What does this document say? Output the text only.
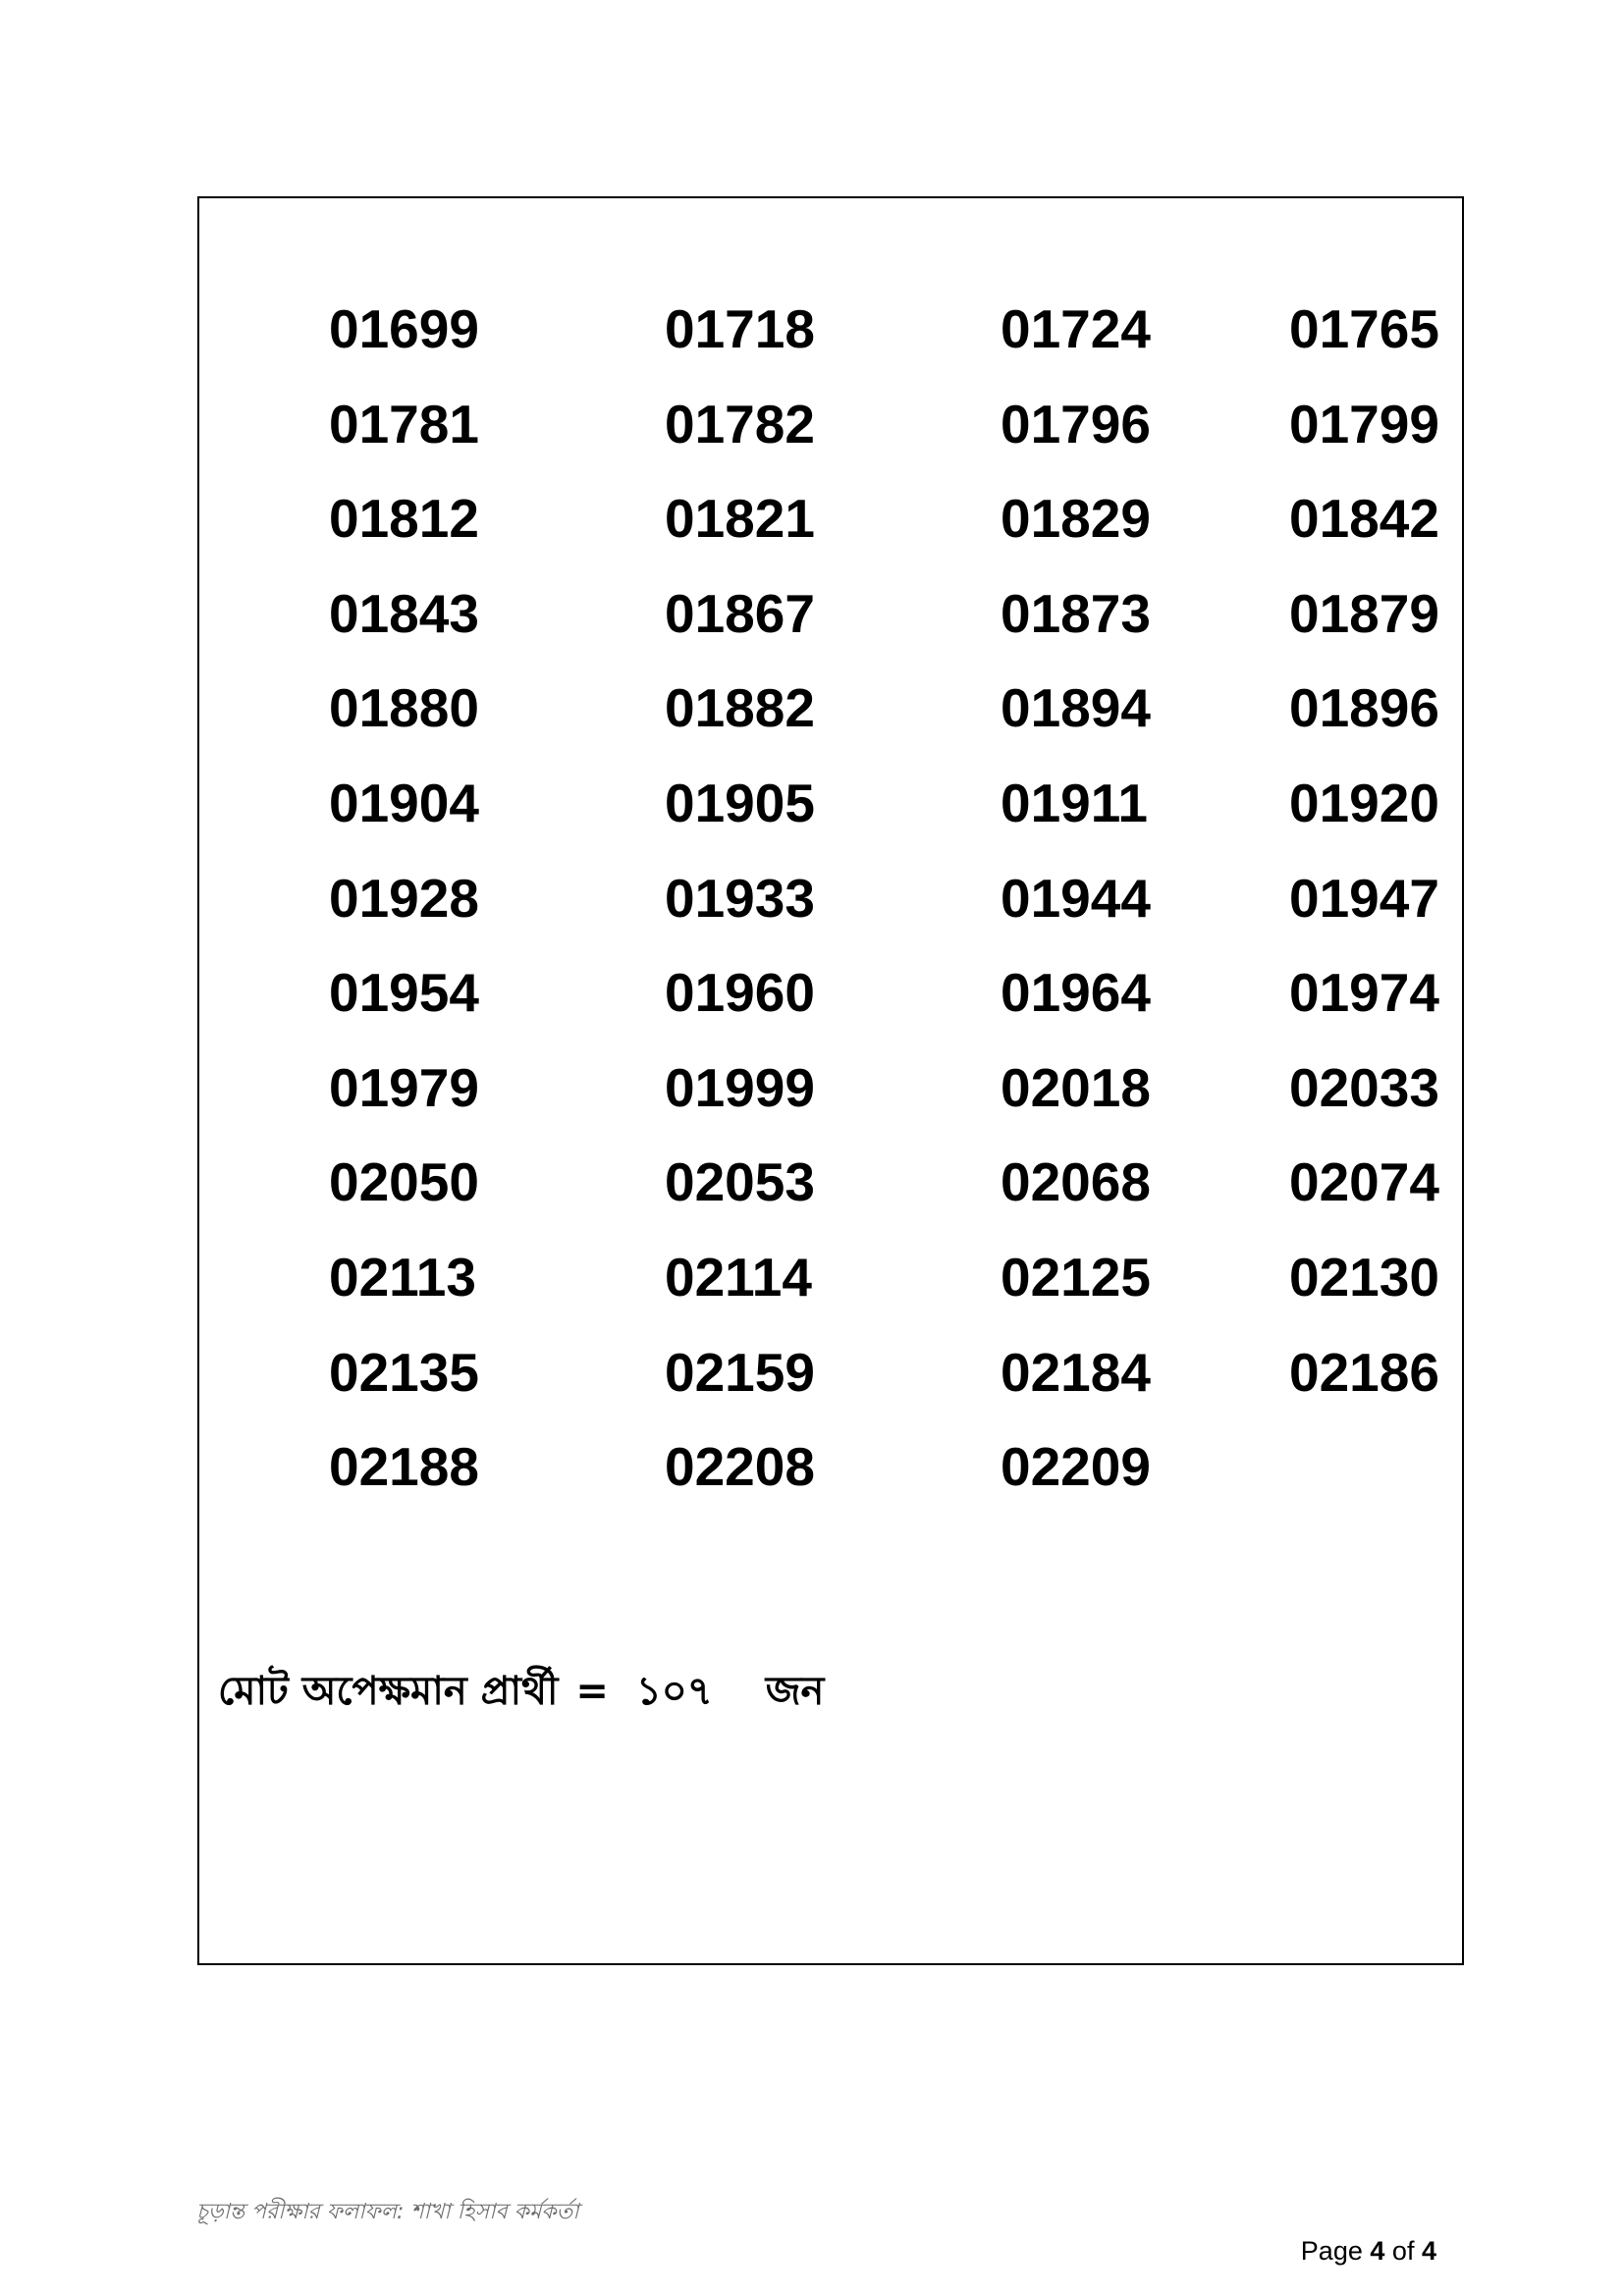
01699	01718	01724	01765
01781	01782	01796	01799
01812	01821	01829	01842
01843	01867	01873	01879
01880	01882	01894	01896
01904	01905	01911	01920
01928	01933	01944	01947
01954	01960	01964	01974
01979	01999	02018	02033
02050	02053	02068	02074
02113	02114	02125	02130
02135	02159	02184	02186
02188	02208	02209
মোট অপেক্ষমান প্রার্থী = ১০৭ জন
চূড়ান্ত পরীক্ষার ফলাফল: শাখা হিসাব কর্মকর্তা
Page 4 of 4
